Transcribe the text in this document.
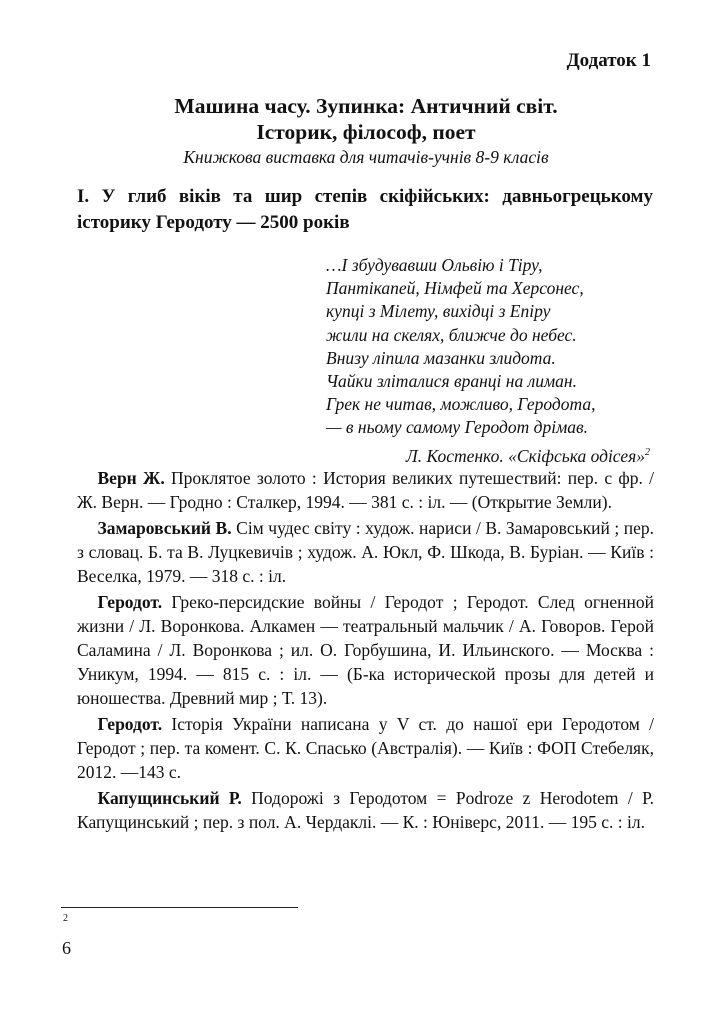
Додаток 1
Машина часу. Зупинка: Античний світ.
Історик, філософ, поет
Книжкова виставка для читачів-учнів 8-9 класів
І. У глиб віків та шир степів скіфійських: давньогрецькому історику Геродоту — 2500 років
…І збудувавши Ольвію і Тіру,
Пантікапей, Німфей та Херсонес,
купці з Мілету, вихідці з Епіру
жили на скелях, ближче до небес.
Внизу ліпила мазанки злидота.
Чайки зліталися вранці на лиман.
Грек не читав, можливо, Геродота,
— в ньому самому Геродот дрімав.
Л. Костенко. «Скіфська одісея»$^2$

 Верн Ж. Проклятое золото : История великих путешествий: пер. с фр. / Ж. Верн. — Гродно : Сталкер, 1994. — 381 с. : іл. — (Открытие Земли).

 Замаровський В. Сім чудес світу : худож. нариси / В. Замаровський ; пер. з словац. Б. та В. Луцкевичів ; худож. А. Юкл, Ф. Шкода, В. Буріан. — Київ : Веселка, 1979. — 318 с. : іл.

 Геродот. Греко-персидские войны / Геродот ; Геродот. След огненной жизни / Л. Воронкова. Алкамен — театральный мальчик / А. Говоров. Герой Саламина / Л. Воронкова ; ил. О. Горбушина, И. Ильинского. — Москва : Уникум, 1994. — 815 с. : іл. — (Б-ка исторической прозы для детей и юношества. Древний мир ; Т. 13).

 Геродот. Історія України написана у V ст. до нашої ери Геродотом / Геродот ; пер. та комент. С. К. Спасько (Австралія). — Київ : ФОП Стебеляк, 2012. —143 с.

 Капущинський Р. Подорожі з Геродотом = Podroze z Herodotem / Р. Капущинський ; пер. з пол. А. Чердаклі. — К. : Юніверс, 2011. — 195 с. : іл.

2
6
